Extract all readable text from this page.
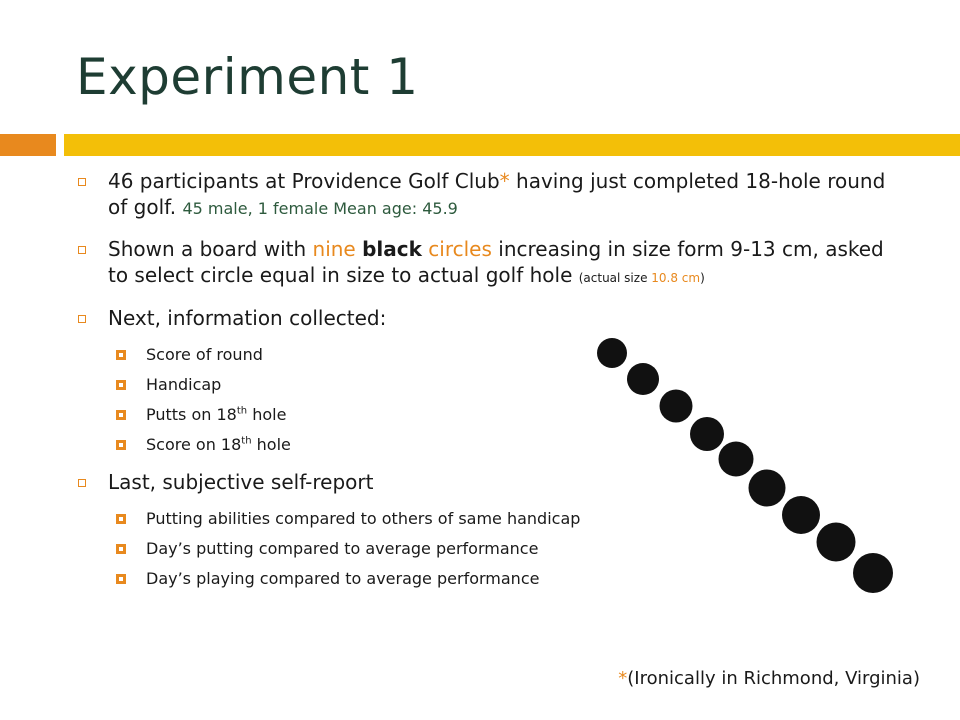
Experiment 1
46 participants at Providence Golf Club* having just completed 18-hole round of golf. 45 male, 1 female Mean age: 45.9
Shown a board with nine black circles increasing in size form 9-13 cm, asked to select circle equal in size to actual golf hole (actual size 10.8 cm)
Next, information collected:
Score of round
Handicap
Putts on 18th hole
Score on 18th hole
Last, subjective self-report
Putting abilities compared to others of same handicap
Day’s putting compared to average performance
Day’s playing compared to average performance
*(Ironically in Richmond, Virginia)
